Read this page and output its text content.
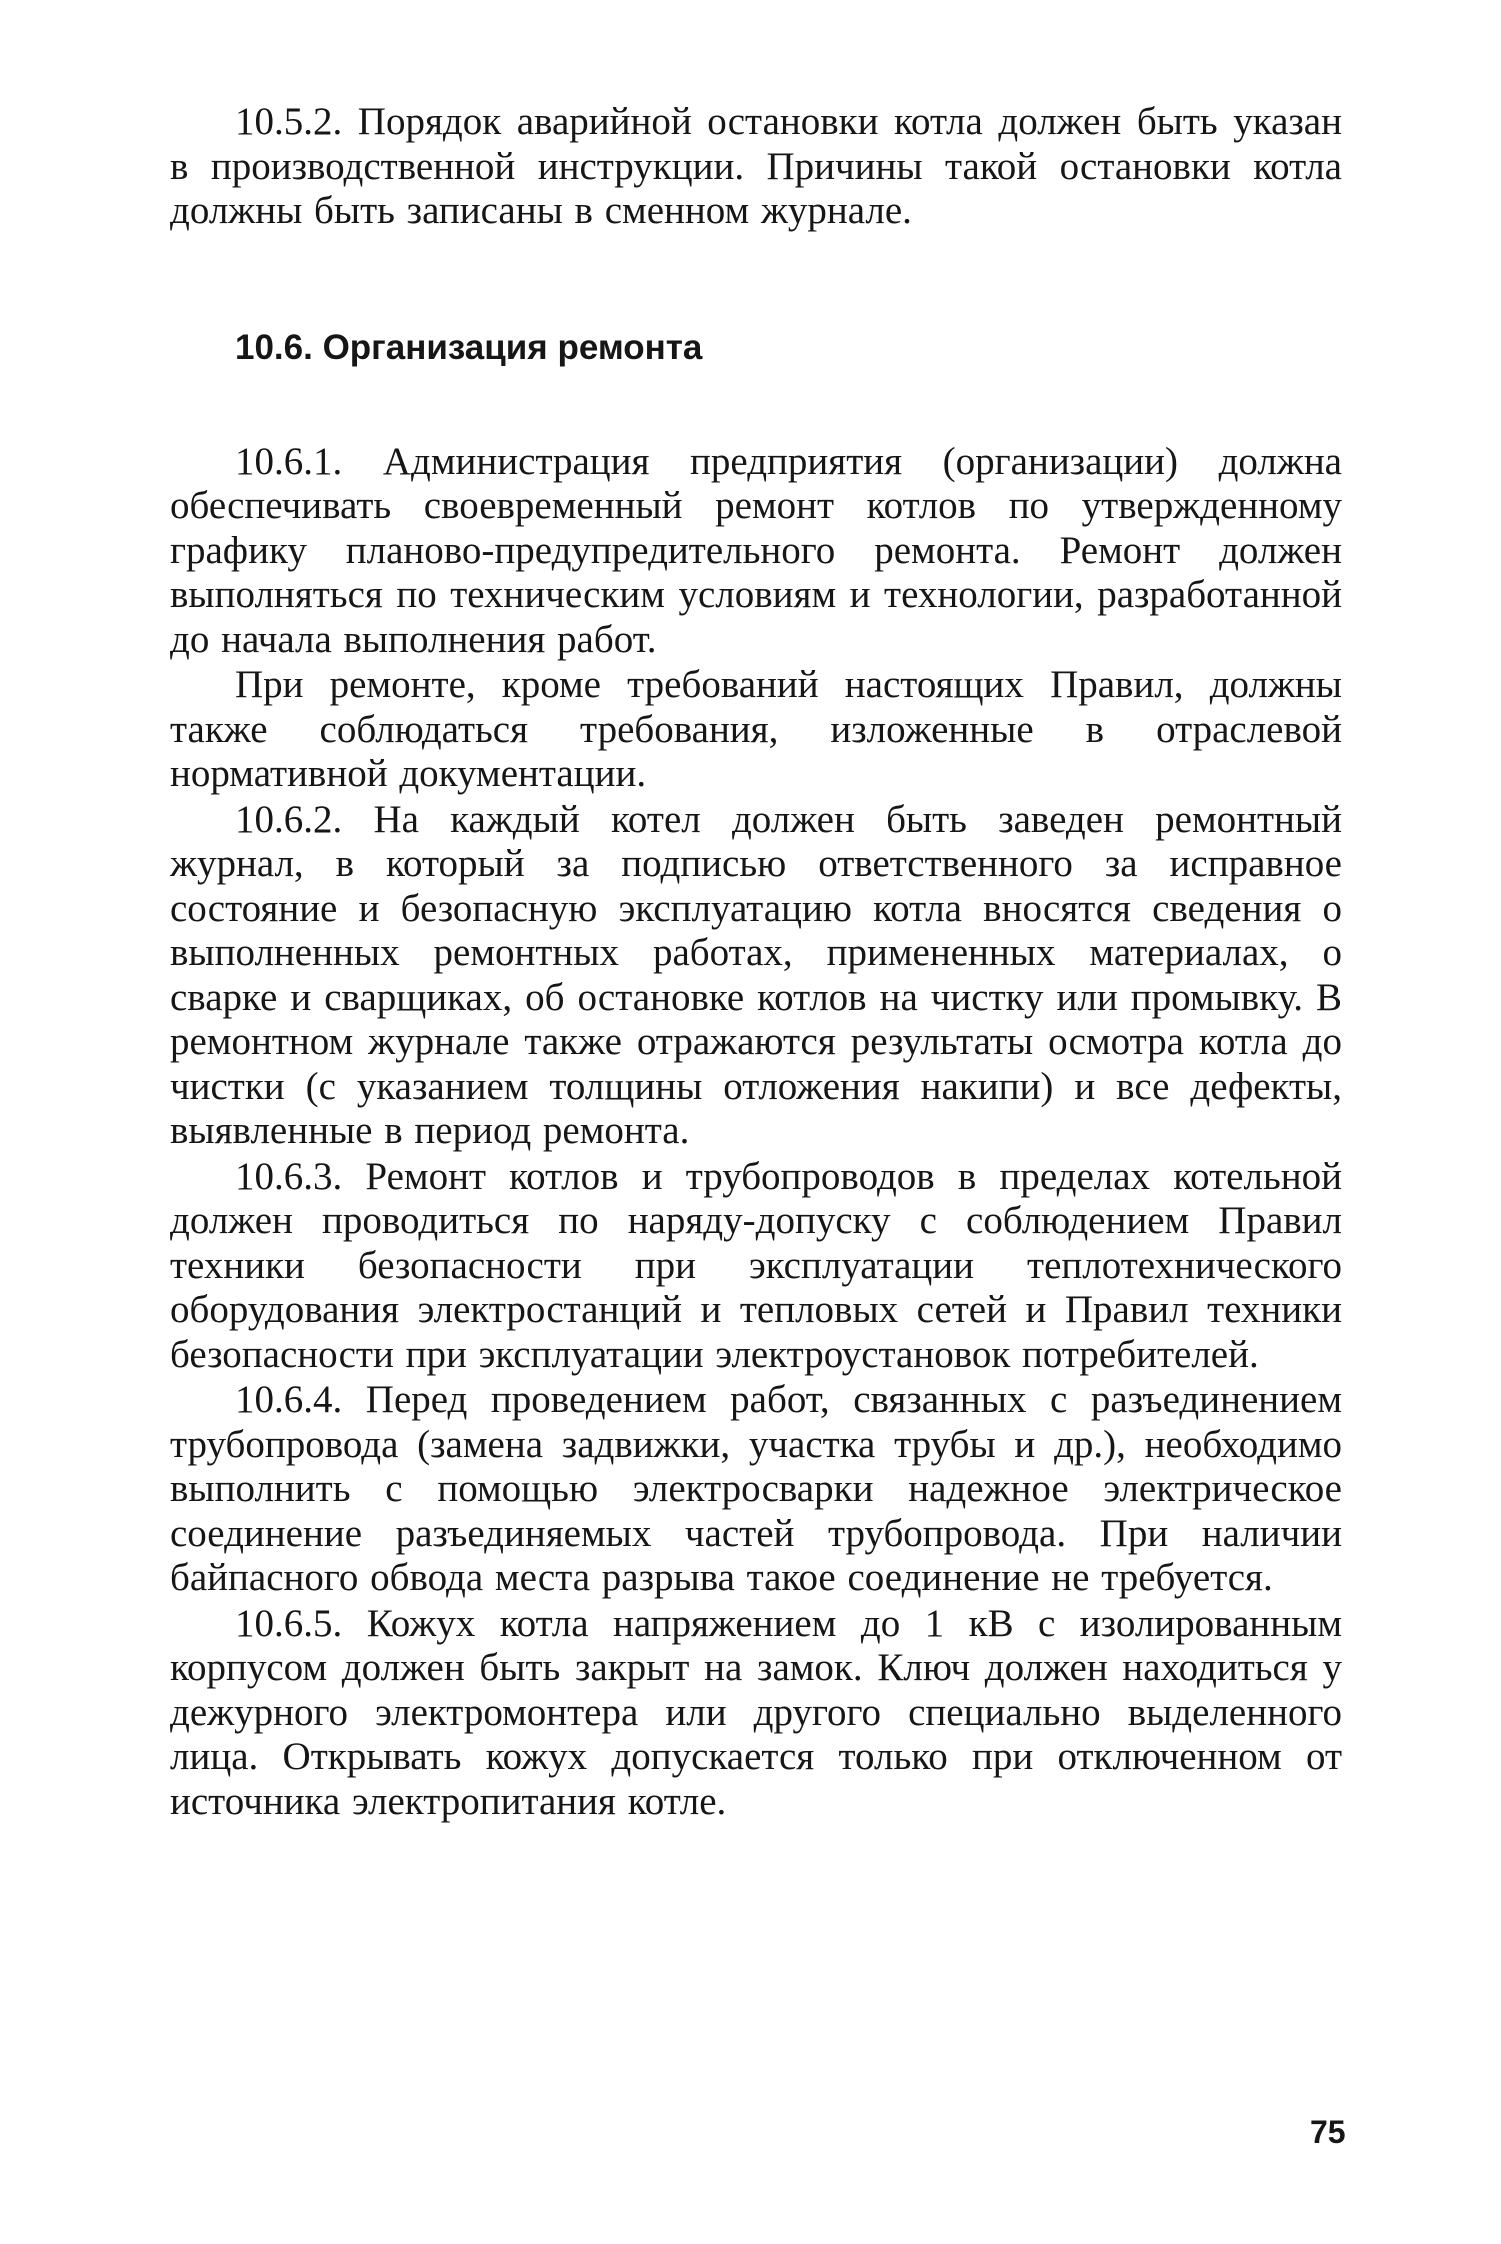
10.5.2. Порядок аварийной остановки котла должен быть указан в производственной инструкции. Причины такой остановки котла должны быть записаны в сменном журнале.

10.6. Организация ремонта

10.6.1. Администрация предприятия (организации) должна обеспечивать своевременный ремонт котлов по утвержденному графику планово-предупредительного ремонта. Ремонт должен выполняться по техническим условиям и технологии, разработанной до начала выполнения работ.

При ремонте, кроме требований настоящих Правил, должны также соблюдаться требования, изложенные в отраслевой нормативной документации.

10.6.2. На каждый котел должен быть заведен ремонтный журнал, в который за подписью ответственного за исправное состояние и безопасную эксплуатацию котла вносятся сведения о выполненных ремонтных работах, примененных материалах, о сварке и сварщиках, об остановке котлов на чистку или промывку. В ремонтном журнале также отражаются результаты осмотра котла до чистки (с указанием толщины отложения накипи) и все дефекты, выявленные в период ремонта.

10.6.3. Ремонт котлов и трубопроводов в пределах котельной должен проводиться по наряду-допуску с соблюдением Правил техники безопасности при эксплуатации теплотехнического оборудования электростанций и тепловых сетей и Правил техники безопасности при эксплуатации электроустановок потребителей.

10.6.4. Перед проведением работ, связанных с разъединением трубопровода (замена задвижки, участка трубы и др.), необходимо выполнить с помощью электросварки надежное электрическое соединение разъединяемых частей трубопровода. При наличии байпасного обвода места разрыва такое соединение не требуется.

10.6.5. Кожух котла напряжением до 1 кВ с изолированным корпусом должен быть закрыт на замок. Ключ должен находиться у дежурного электромонтера или другого специально выделенного лица. Открывать кожух допускается только при отключенном от источника электропитания котле.

75
